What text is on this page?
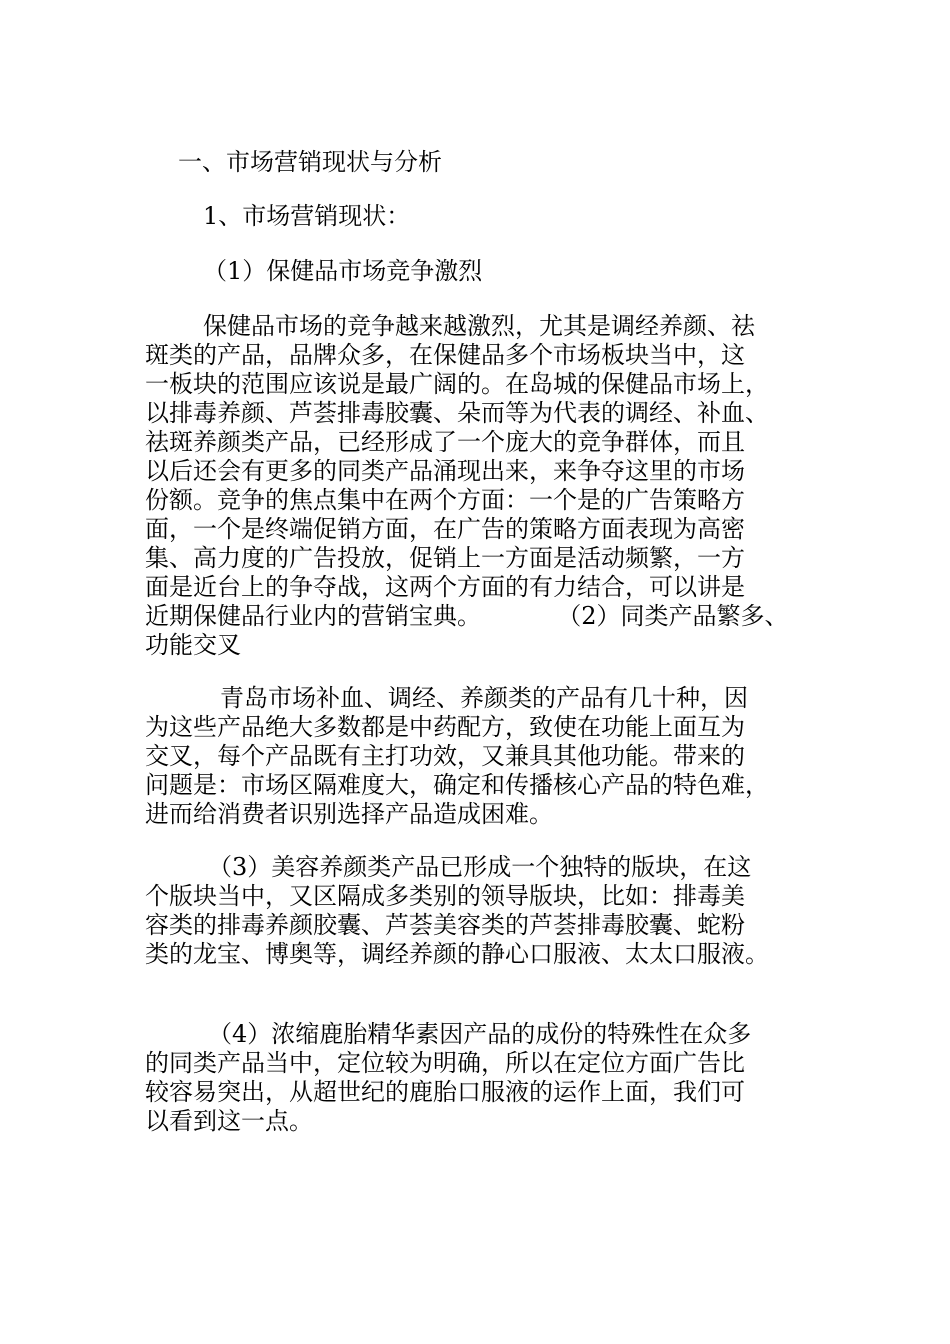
一、市场营销现状与分析
1、市场营销现状：
（1）保健品市场竞争激烈
保健品市场的竞争越来越激烈，尤其是调经养颜、祛
斑类的产品，品牌众多，在保健品多个市场板块当中，这
一板块的范围应该说是最广阔的。在岛城的保健品市场上，
以排毒养颜、芦荟排毒胶囊、朵而等为代表的调经、补血、
祛斑养颜类产品，已经形成了一个庞大的竞争群体，而且
以后还会有更多的同类产品涌现出来，来争夺这里的市场
份额。竞争的焦点集中在两个方面：一个是的广告策略方
面，一个是终端促销方面，在广告的策略方面表现为高密
集、高力度的广告投放，促销上一方面是活动频繁，一方
面是近台上的争夺战，这两个方面的有力结合，可以讲是
近期保健品行业内的营销宝典。          （2）同类产品繁多、
功能交叉
青岛市场补血、调经、养颜类的产品有几十种，因
为这些产品绝大多数都是中药配方，致使在功能上面互为
交叉，每个产品既有主打功效，又兼具其他功能。带来的
问题是：市场区隔难度大，确定和传播核心产品的特色难，
进而给消费者识别选择产品造成困难。
（3）美容养颜类产品已形成一个独特的版块，在这
个版块当中，又区隔成多类别的领导版块，比如：排毒美
容类的排毒养颜胶囊、芦荟美容类的芦荟排毒胶囊、蛇粉
类的龙宝、博奥等，调经养颜的静心口服液、太太口服液。
（4）浓缩鹿胎精华素因产品的成份的特殊性在众多
的同类产品当中，定位较为明确，所以在定位方面广告比
较容易突出，从超世纪的鹿胎口服液的运作上面，我们可
以看到这一点。
